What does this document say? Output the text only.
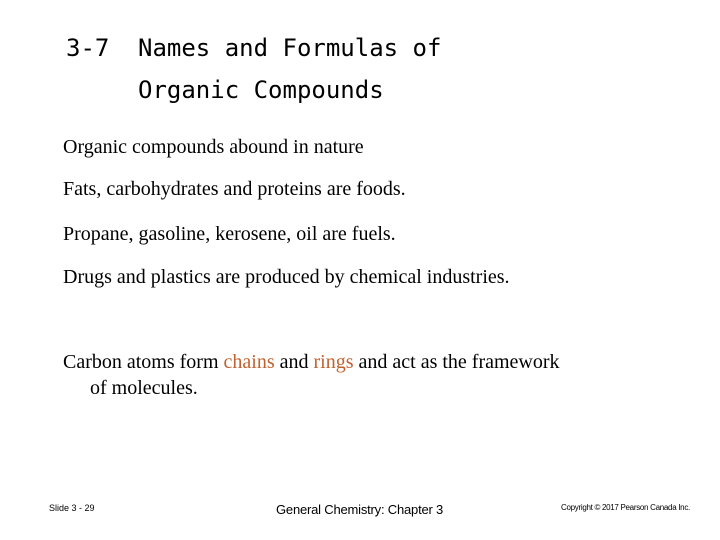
3-7 Names and Formulas of
Organic Compounds
Organic compounds abound in nature
Fats, carbohydrates and proteins are foods.
Propane, gasoline, kerosene, oil are fuels.
Drugs and plastics are produced by chemical industries.
Carbon atoms form chains and rings and act as the framework
of molecules.
Slide 3 - 29	General Chemistry: Chapter 3	Copyright © 2017 Pearson Canada Inc.
